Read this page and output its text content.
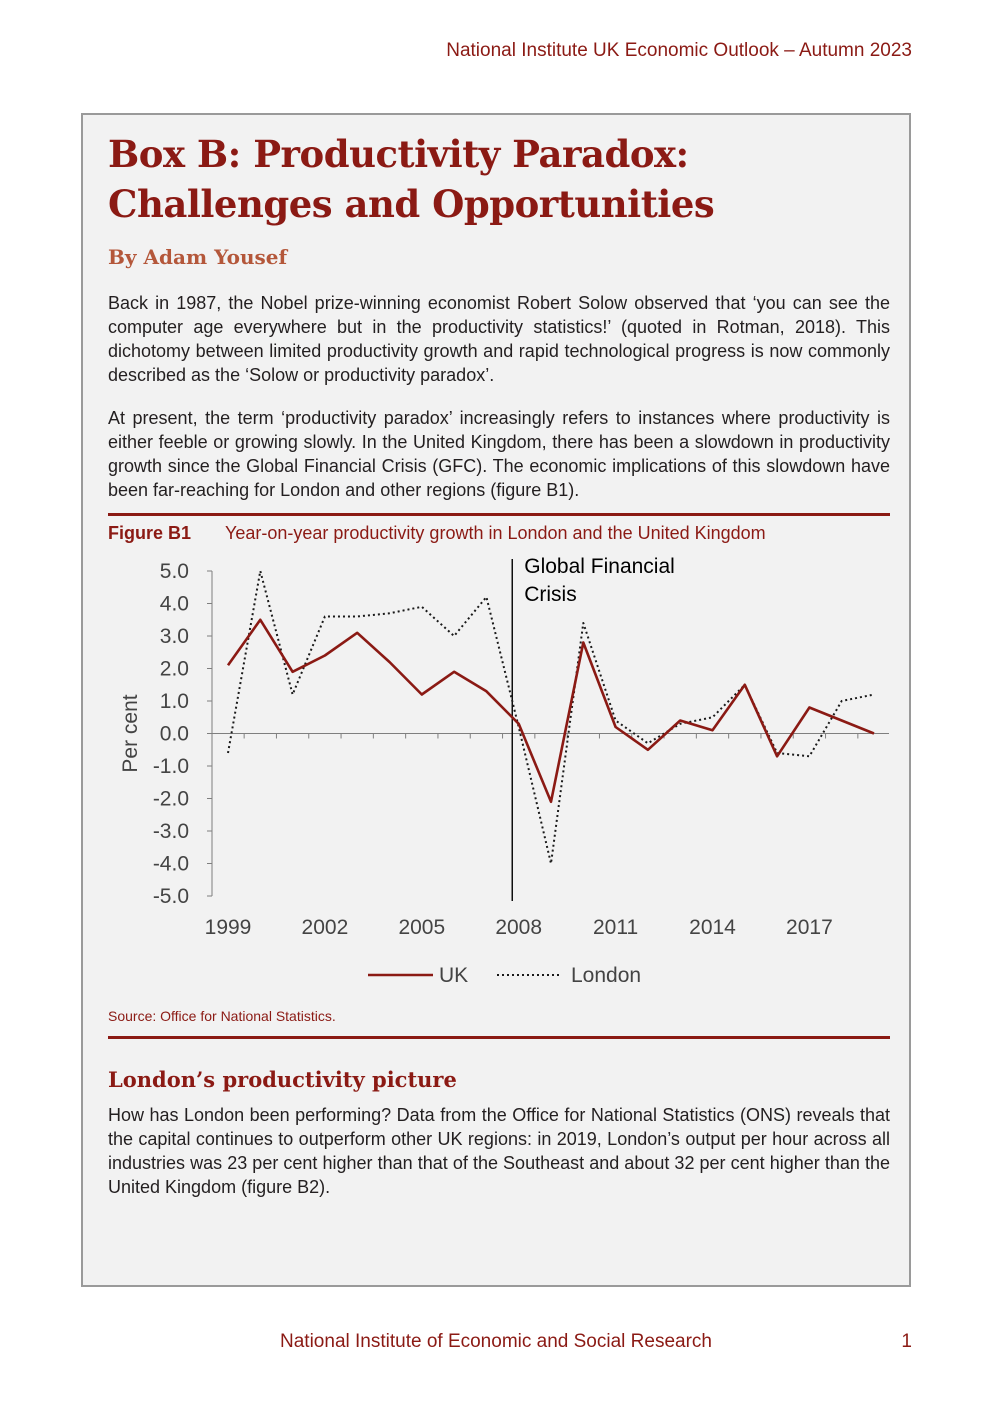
National Institute UK Economic Outlook – Autumn 2023
Box B: Productivity Paradox: Challenges and Opportunities
By Adam Yousef

Back in 1987, the Nobel prize-winning economist Robert Solow observed that ‘you can see the computer age everywhere but in the productivity statistics!’ (quoted in Rotman, 2018). This dichotomy between limited productivity growth and rapid technological progress is now commonly described as the ‘Solow or productivity paradox’.

At present, the term ‘productivity paradox’ increasingly refers to instances where productivity is either feeble or growing slowly. In the United Kingdom, there has been a slowdown in productivity growth since the Global Financial Crisis (GFC). The economic implications of this slowdown have been far-reaching for London and other regions (figure B1).

Figure B1 Year-on-year productivity growth in London and the United Kingdom
5.0
4.0
3.0
2.0
1.0
0.0
-1.0
-2.0
-3.0
-4.0
-5.0
1999 2002 2005 2008 2011 2014 2017
Per cent
Global Financial Crisis
UK	London
Source: Office for National Statistics.
London’s productivity picture

How has London been performing? Data from the Office for National Statistics (ONS) reveals that the capital continues to outperform other UK regions: in 2019, London’s output per hour across all industries was 23 per cent higher than that of the Southeast and about 32 per cent higher than the United Kingdom (figure B2).

National Institute of Economic and Social Research	1
